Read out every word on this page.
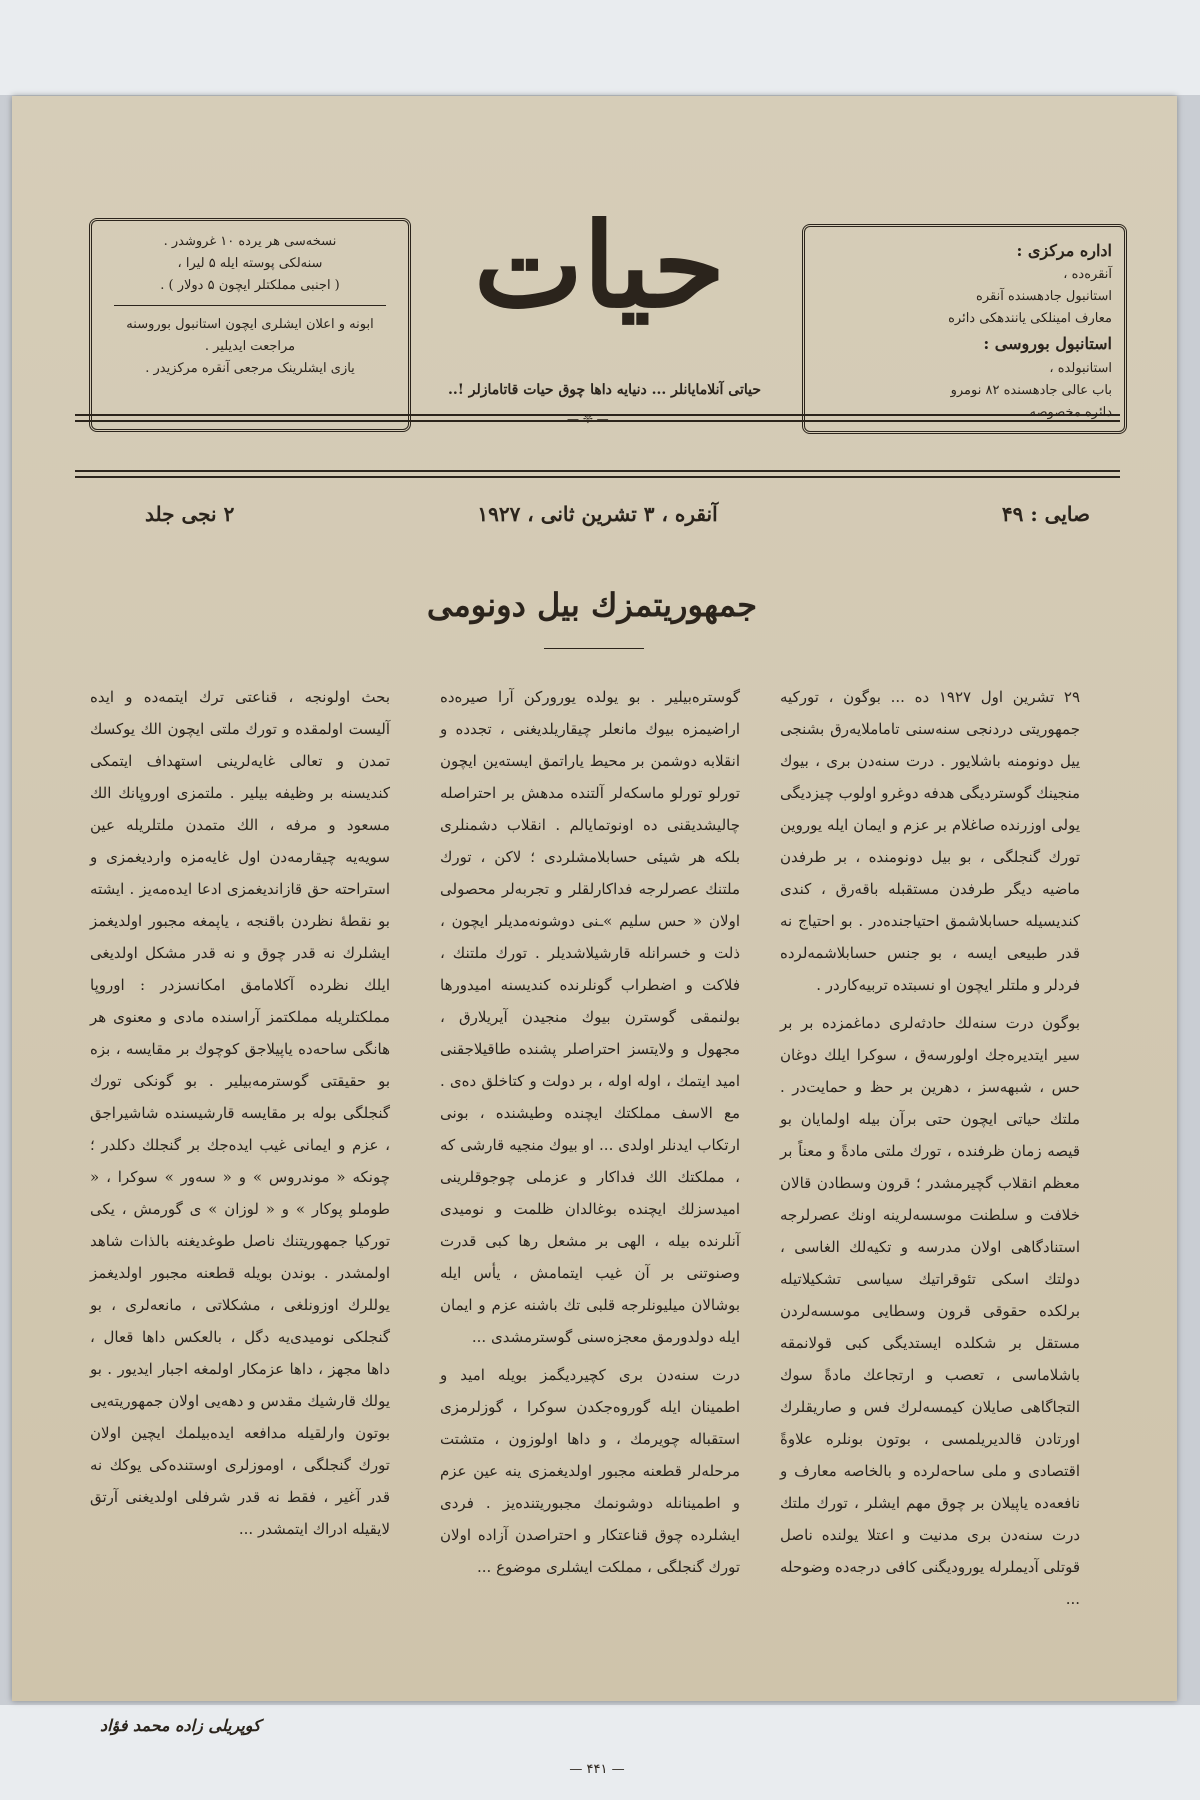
نسخه‌سی هر یرده ۱۰ غروشدر .
سنه‌لکی پوسته ایله ۵ لیرا ،
( اجنبی مملکتلر ایچون ۵ دولار ) .
ابونه و اعلان ایشلری ایچون استانبول بوروسنه
مراجعت ایدیلیر .
یازی ایشلرینک مرجعی آنقره مرکزیدر .
حیات
حیاتی آنلامایانلر ... دنیایه داها چوق حیات قاتامازلر !..
— ❊ —
اداره مرکزی :
آنقره‌ده ،
استانبول جادهسنده آنقره
معارف امینلکی یانندهکی دائره
استانبول بوروسی :
استانبولده ،
باب عالی جادهسنده ۸۲ نومرو
دائره مخصوصه
صایی : ۴۹
آنقره ، ۳ تشرین ثانی ، ۱۹۲۷
۲ نجی جلد
جمهوریتمزك بیل دونومی

۲۹ تشرین اول ۱۹۲۷ ده ... بوگون ، تورکیه جمهوریتی دردنجی سنه‌سنی تاماملایه‌رق بشنجی ییل دونومنه باشلایور . درت سنه‌دن بری ، بیوك منجینك گوستردیگی هدفه دوغرو اولوب چیزدیگی یولی اوزرنده صاغلام بر عزم و ایمان ایله یوروین تورك گنجلگی ، بو بیل دونومنده ، بر طرفدن ماضیه دیگر طرفدن مستقبله باقه‌رق ، کندی کندیسیله حسابلاشمق احتیاجنده‌در . بو احتیاج نه قدر طبیعی ایسه ، بو جنس حسابلاشمه‌لرده فردلر و ملتلر ایچون او نسبتده تربیه‌کاردر .

بوگون درت سنه‌لك حادثه‌لری دماغمزده بر بر سیر ایتدیره‌جك اولورسه‌ق ، سوکرا ایلك دوغان حس ، شبهه‌سز ، دهرین بر حظ و حمایت‌در . ملتك حیاتی ایچون حتی برآن بیله اولمایان بو قیصه زمان ظرفنده ، تورك ملتی مادةً و معناً بر معظم انقلاب گچیرمشدر ؛ قرون وسطادن قالان خلافت و سلطنت موسسه‌لرینه اونك عصرلرجه استنادگاهی اولان مدرسه و تکیه‌لك الغاسی ، دولتك اسکی تئوقراتیك سیاسی تشکیلاتیله برلکده حقوقی قرون وسطایی موسسه‌لردن مستقل بر شکلده ایستدیگی کبی قولانمقه باشلاماسی ، تعصب و ارتجاعك مادةً سوك التجاگاهی صایلان کیمسه‌لرك فس و صاریقلرك اورتادن قالدیریلمسی ، بوتون بونلره علاوةً اقتصادی و ملی ساحه‌لرده و بالخاصه معارف و نافعه‌ده یاپیلان بر چوق مهم ایشلر ، تورك ملتك درت سنه‌دن بری مدنیت و اعتلا یولنده ناصل قوتلی آدیملرله یورودیگنی کافی درجه‌ده وضوحله ...

گوستره‌بیلیر . بو یولده یوروركن آرا صیره‌ده اراضیمزه بیوك مانعلر چیقاریلدیغنی ، تجدده و انقلابه دوشمن بر محیط یاراتمق ایسته‌ین ایچون تورلو تورلو ماسکه‌لر آلتنده مدهش بر احتراصله چالیشدیقنی ده اونوتمایالم . انقلاب دشمنلری بلکه هر شیئی حسابلامشلردی ؛ لاکن ، تورك ملتنك عصرلرجه فداکارلقلر و تجربه‌لر محصولی اولان « حس سلیم »ـنی دوشونه‌مدیلر ایچون ، ذلت و خسرانله قارشیلاشدیلر . تورك ملتنك ، فلاکت و اضطراب گونلرنده کندیسنه امیدورها بولنمقی گوسترن بیوك منجیدن آیریلارق ، مجهول و ولایتسز احتراصلر پشنده طاقیلاجقنی امید ایتمك ، اوله اوله ، بر دولت و کتاخلق ده‌ی . مع الاسف مملکتك ایچنده وطیشنده ، بونی ارتکاب ایدنلر اولدی ... او بیوك منجیه قارشی که ، مملکتك الك فداکار و عزملی چوجوقلرینی امیدسزلك ایچنده بوغالدان ظلمت و نومیدی آنلرنده بیله ، الهی بر مشعل رها کبی قدرت وصنوتنی بر آن غیب ایتمامش ، یأس ایله بوشالان میلیونلرجه قلبی تك باشنه عزم و ایمان ایله دولدورمق معجزه‌سنی گوسترمشدی ...

درت سنه‌دن بری کچیردیگمز بویله امید و اطمینان ایله گوروه‌جکدن سوکرا ، گوزلرمزی استقباله چویرمك ، و داها اولوزون ، متشتت مرحله‌لر قطعنه مجبور اولدیغمزی ینه عین عزم و اطمینانله دوشونمك مجبوریتنده‌یز . فردی ایشلرده چوق قناعتکار و احتراصدن آزاده اولان تورك گنجلگی ، مملکت ایشلری موضوع ...

بحث اولونجه ، قناعتی ترك ایتمه‌ده و ایده آلیست اولمقده و تورك ملتی ایچون الك یوکسك تمدن و تعالی غایه‌لرینی استهداف ایتمکی کندیسنه بر وظیفه بیلیر . ملتمزی اوروپانك الك مسعود و مرفه ، الك متمدن ملتلریله عین سویه‌یه چیقارمه‌دن اول غایه‌مزه واردیغمزی و استراحته حق قازاندیغمزی ادعا ایده‌مه‌یز . ایشته بو نقطهٔ نظردن باقنجه ، یاپمغه مجبور اولدیغمز ایشلرك نه قدر چوق و نه قدر مشکل اولدیغی ایلك نظرده آکلامامق امکانسزدر : اوروپا مملکتلریله مملکتمز آراسنده مادی و معنوی هر هانگی ساحه‌ده یاپیلاجق کوچوك بر مقایسه ، بزه بو حقیقتی گوسترمه‌بیلیر . بو گونکی تورك گنجلگی بوله بر مقایسه قارشیسنده شاشیراجق ، عزم و ایمانی غیب ایده‌جك بر گنجلك دکلدر ؛ چونکه « موندروس » و « سه‌ور » سوکرا ، « طوملو پوکار » و « لوزان » ی گورمش ، یکی تورکیا جمهوریتنك ناصل طوغدیغنه بالذات شاهد اولمشدر . بوندن بویله قطعنه مجبور اولدیغمز یوللرك اوزونلغی ، مشکلاتی ، مانعه‌لری ، بو گنجلکی نومیدی‌یه دگل ، بالعکس داها قعال ، داها مجهز ، داها عزمکار اولمغه اجبار ایدیور . بو یولك قارشیك مقدس و دهه‌یی اولان جمهوریته‌یی بوتون وارلقیله مدافعه ایده‌بیلمك ایچین اولان تورك گنجلگی ، اوموزلری اوستنده‌کی یوکك نه قدر آغیر ، فقط نه قدر شرفلی اولدیغنی آرتق لایقیله ادراك ایتمشدر ...

کوپریلی زاده محمد فؤاد
— ۴۴۱ —
